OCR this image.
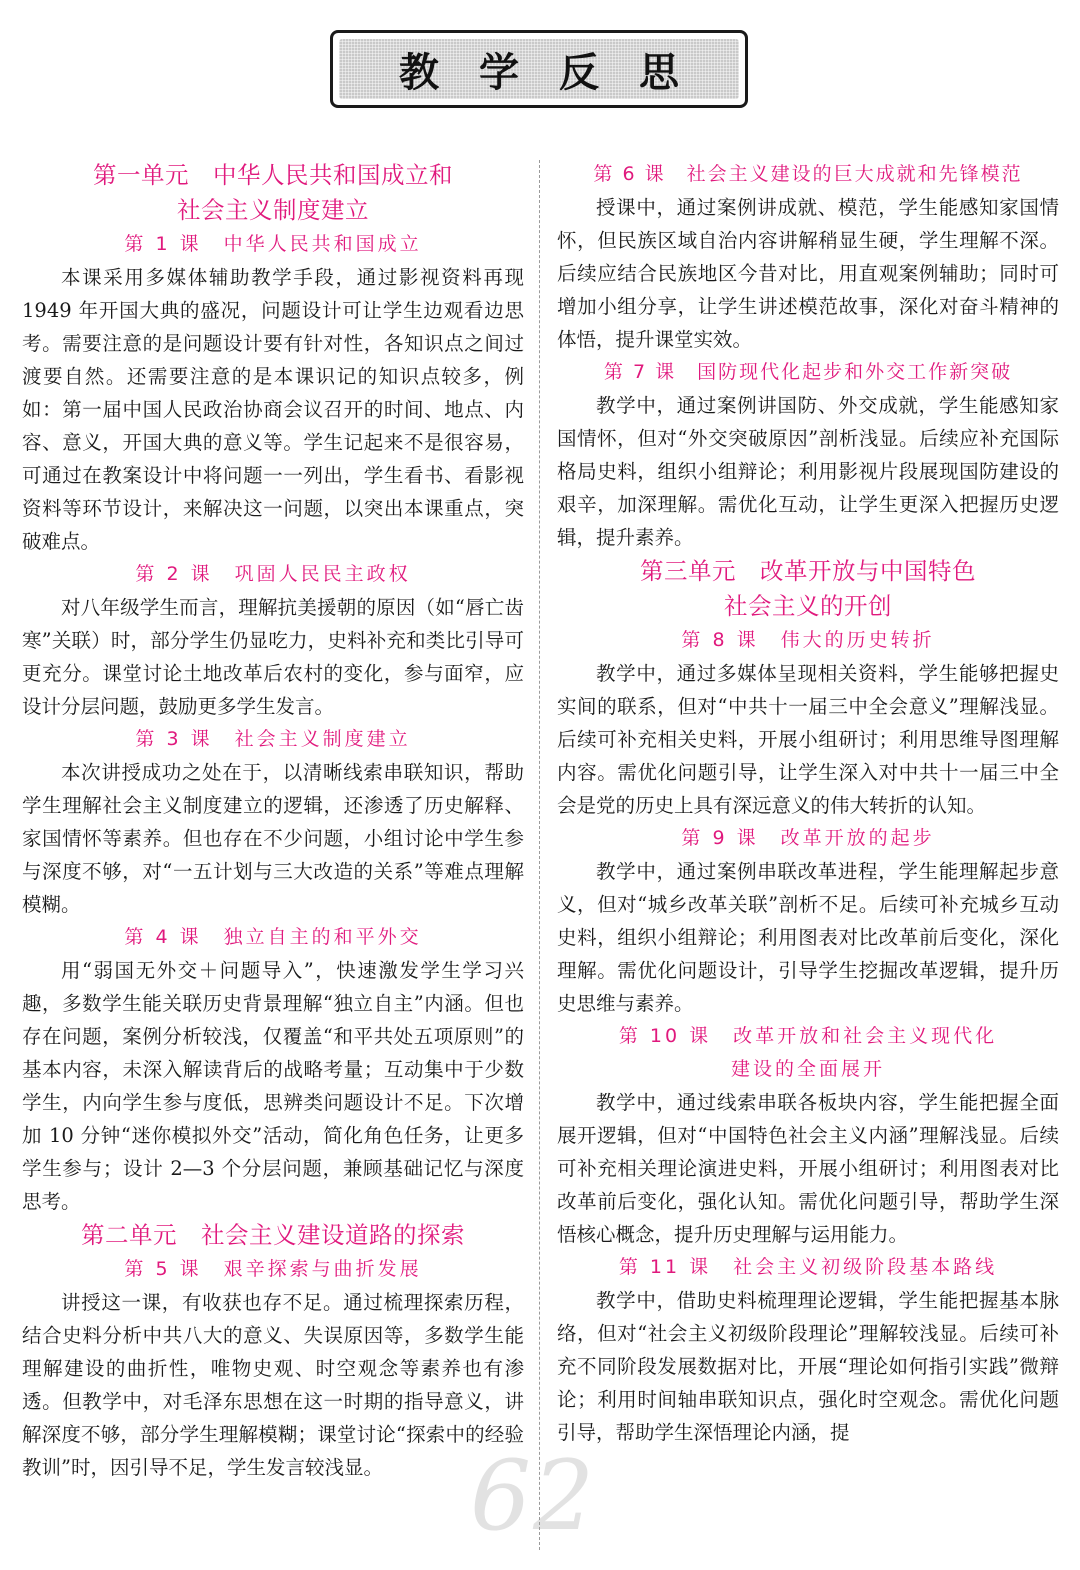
教学反思
第一单元　中华人民共和国成立和
社会主义制度建立
第 1 课　中华人民共和国成立

本课采用多媒体辅助教学手段，通过影视资料再现 1949 年开国大典的盛况，问题设计可让学生边观看边思考。需要注意的是问题设计要有针对性，各知识点之间过渡要自然。还需要注意的是本课识记的知识点较多，例如：第一届中国人民政治协商会议召开的时间、地点、内容、意义，开国大典的意义等。学生记起来不是很容易，可通过在教案设计中将问题一一列出，学生看书、看影视资料等环节设计，来解决这一问题，以突出本课重点，突破难点。

第 2 课　巩固人民民主政权

对八年级学生而言，理解抗美援朝的原因（如“唇亡齿寒”关联）时，部分学生仍显吃力，史料补充和类比引导可更充分。课堂讨论土地改革后农村的变化，参与面窄，应设计分层问题，鼓励更多学生发言。

第 3 课　社会主义制度建立

本次讲授成功之处在于，以清晰线索串联知识，帮助学生理解社会主义制度建立的逻辑，还渗透了历史解释、家国情怀等素养。但也存在不少问题，小组讨论中学生参与深度不够，对“一五计划与三大改造的关系”等难点理解模糊。

第 4 课　独立自主的和平外交

用“弱国无外交＋问题导入”，快速激发学生学习兴趣，多数学生能关联历史背景理解“独立自主”内涵。但也存在问题，案例分析较浅，仅覆盖“和平共处五项原则”的基本内容，未深入解读背后的战略考量；互动集中于少数学生，内向学生参与度低，思辨类问题设计不足。下次增加 10 分钟“迷你模拟外交”活动，简化角色任务，让更多学生参与；设计 2—3 个分层问题，兼顾基础记忆与深度思考。

第二单元　社会主义建设道路的探索
第 5 课　艰辛探索与曲折发展

讲授这一课，有收获也存不足。通过梳理探索历程，结合史料分析中共八大的意义、失误原因等，多数学生能理解建设的曲折性，唯物史观、时空观念等素养也有渗透。但教学中，对毛泽东思想在这一时期的指导意义，讲解深度不够，部分学生理解模糊；课堂讨论“探索中的经验教训”时，因引导不足，学生发言较浅显。

第 6 课　社会主义建设的巨大成就和先锋模范

授课中，通过案例讲成就、模范，学生能感知家国情怀，但民族区域自治内容讲解稍显生硬，学生理解不深。后续应结合民族地区今昔对比，用直观案例辅助；同时可增加小组分享，让学生讲述模范故事，深化对奋斗精神的体悟，提升课堂实效。

第 7 课　国防现代化起步和外交工作新突破

教学中，通过案例讲国防、外交成就，学生能感知家国情怀，但对“外交突破原因”剖析浅显。后续应补充国际格局史料，组织小组辩论；利用影视片段展现国防建设的艰辛，加深理解。需优化互动，让学生更深入把握历史逻辑，提升素养。

第三单元　改革开放与中国特色
社会主义的开创
第 8 课　伟大的历史转折

教学中，通过多媒体呈现相关资料，学生能够把握史实间的联系，但对“中共十一届三中全会意义”理解浅显。后续可补充相关史料，开展小组研讨；利用思维导图理解内容。需优化问题引导，让学生深入对中共十一届三中全会是党的历史上具有深远意义的伟大转折的认知。

第 9 课　改革开放的起步

教学中，通过案例串联改革进程，学生能理解起步意义，但对“城乡改革关联”剖析不足。后续可补充城乡互动史料，组织小组辩论；利用图表对比改革前后变化，深化理解。需优化问题设计，引导学生挖掘改革逻辑，提升历史思维与素养。

第 10 课　改革开放和社会主义现代化
建设的全面展开

教学中，通过线索串联各板块内容，学生能把握全面展开逻辑，但对“中国特色社会主义内涵”理解浅显。后续可补充相关理论演进史料，开展小组研讨；利用图表对比改革前后变化，强化认知。需优化问题引导，帮助学生深悟核心概念，提升历史理解与运用能力。

第 11 课　社会主义初级阶段基本路线

教学中，借助史料梳理理论逻辑，学生能把握基本脉络，但对“社会主义初级阶段理论”理解较浅显。后续可补充不同阶段发展数据对比，开展“理论如何指引实践”微辩论；利用时间轴串联知识点，强化时空观念。需优化问题引导，帮助学生深悟理论内涵，提

62
